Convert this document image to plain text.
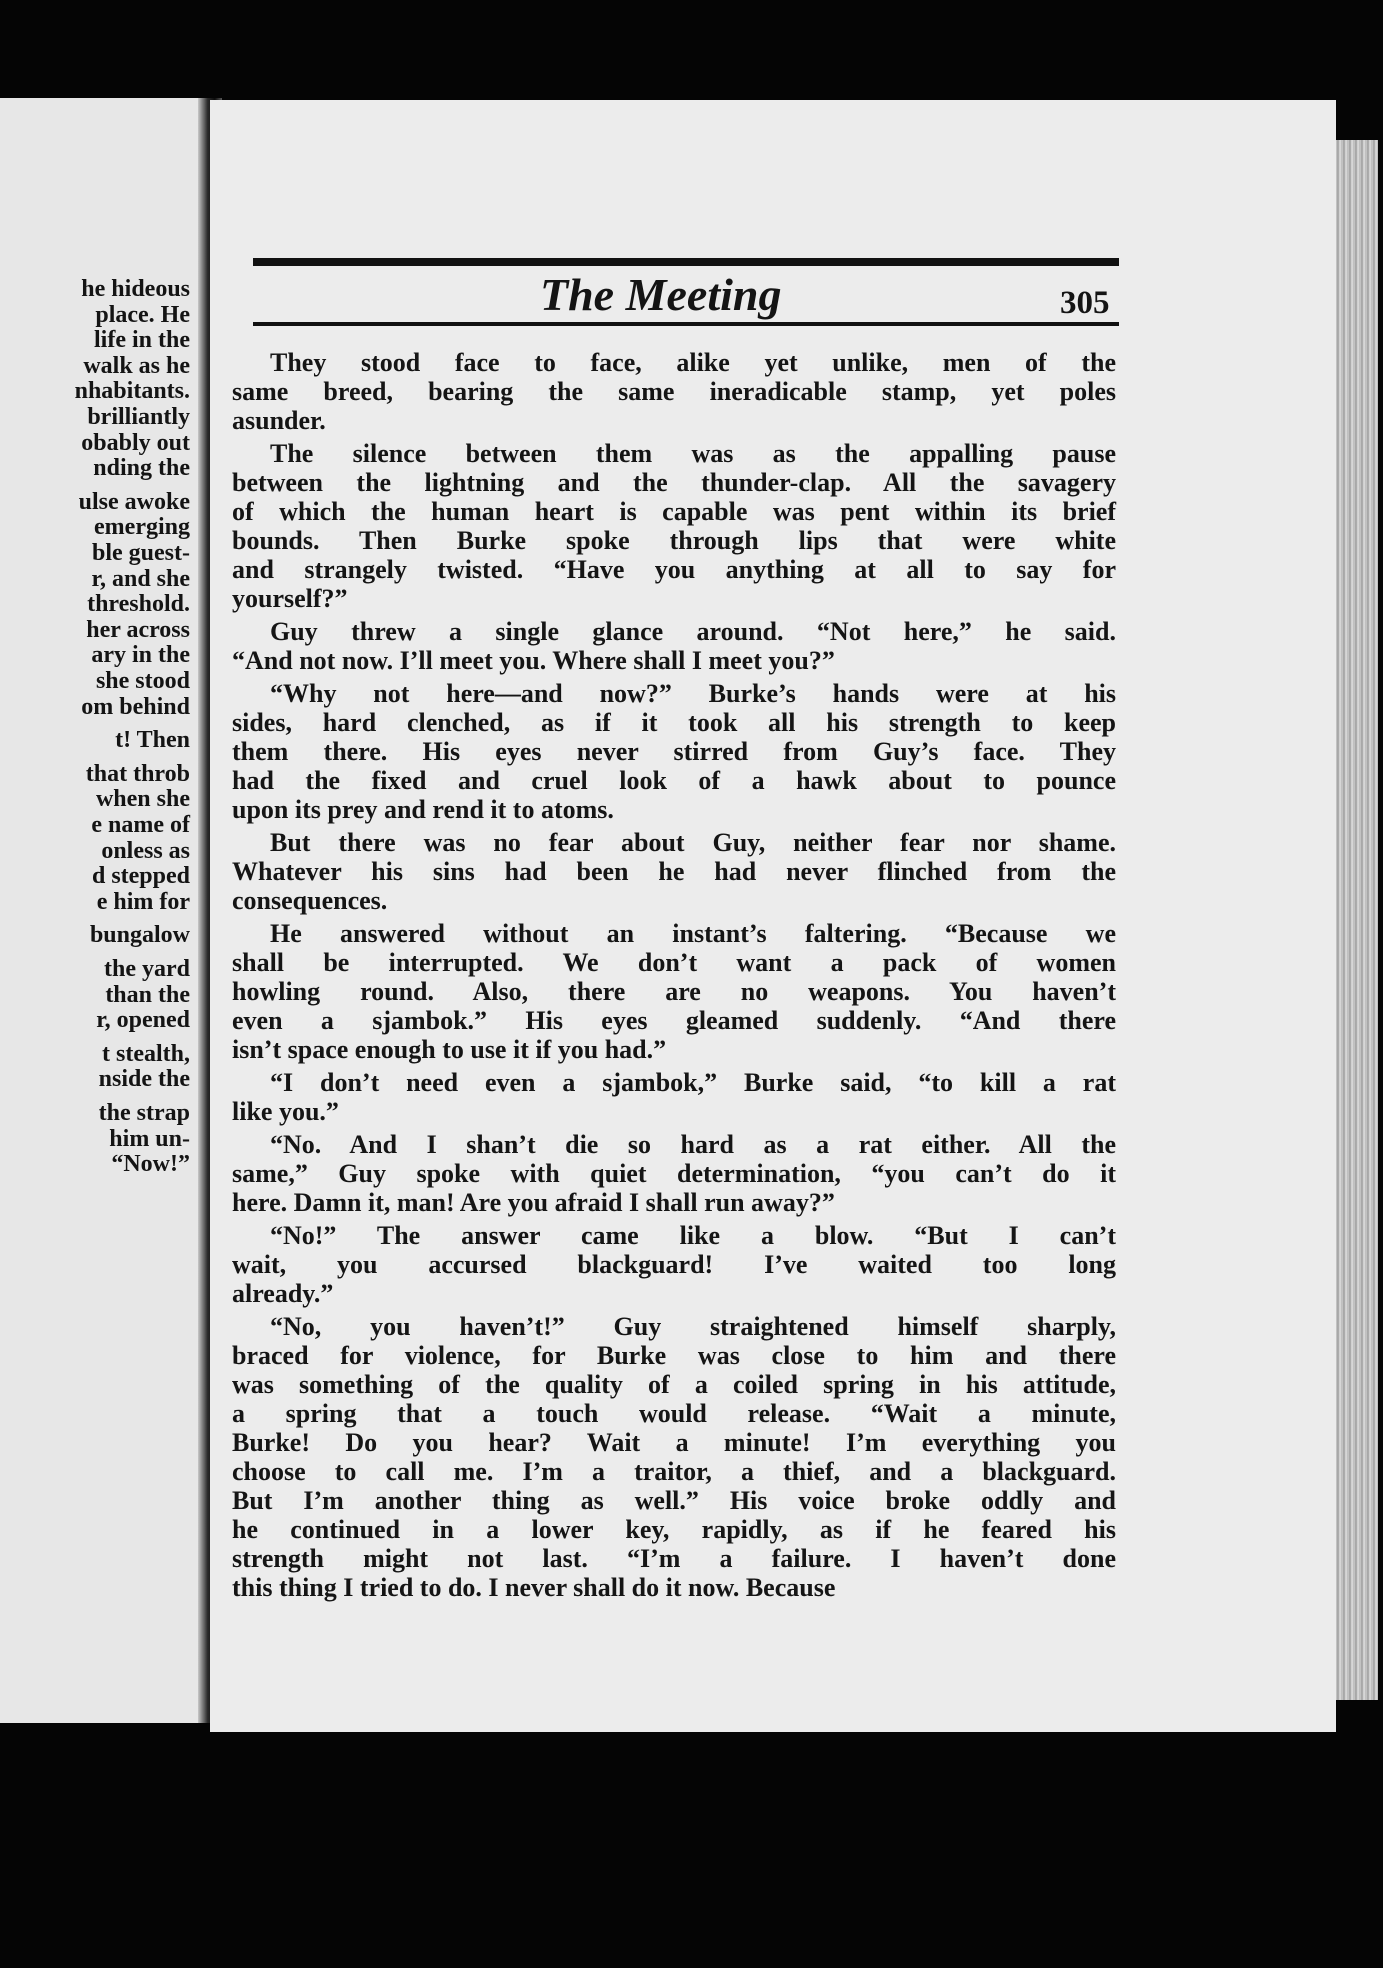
he hideous
place. He
life in the
walk as he
nhabitants.
brilliantly
obably out
nding the
ulse awoke
emerging
ble guest-
r, and she
threshold.
her across
ary in the
she stood
om behind
t! Then
that throb
when she
e name of
onless as
d stepped
e him for
bungalow
the yard
than the
r, opened
t stealth,
nside the
the strap
him un-
“Now!”
The Meeting	305
They stood face to face, alike yet unlike, men of the
same breed, bearing the same ineradicable stamp, yet poles
asunder.
The silence between them was as the appalling pause
between the lightning and the thunder-clap. All the savagery
of which the human heart is capable was pent within its brief
bounds. Then Burke spoke through lips that were white
and strangely twisted. “Have you anything at all to say for
yourself?”
Guy threw a single glance around. “Not here,” he said.
“And not now. I’ll meet you. Where shall I meet you?”
“Why not here—and now?” Burke’s hands were at his
sides, hard clenched, as if it took all his strength to keep
them there. His eyes never stirred from Guy’s face. They
had the fixed and cruel look of a hawk about to pounce
upon its prey and rend it to atoms.
But there was no fear about Guy, neither fear nor shame.
Whatever his sins had been he had never flinched from the
consequences.
He answered without an instant’s faltering. “Because we
shall be interrupted. We don’t want a pack of women
howling round. Also, there are no weapons. You haven’t
even a sjambok.” His eyes gleamed suddenly. “And there
isn’t space enough to use it if you had.”
“I don’t need even a sjambok,” Burke said, “to kill a rat
like you.”
“No. And I shan’t die so hard as a rat either. All the
same,” Guy spoke with quiet determination, “you can’t do it
here. Damn it, man! Are you afraid I shall run away?”
“No!” The answer came like a blow. “But I can’t
wait, you accursed blackguard! I’ve waited too long
already.”
“No, you haven’t!” Guy straightened himself sharply,
braced for violence, for Burke was close to him and there
was something of the quality of a coiled spring in his attitude,
a spring that a touch would release. “Wait a minute,
Burke! Do you hear? Wait a minute! I’m everything you
choose to call me. I’m a traitor, a thief, and a blackguard.
But I’m another thing as well.” His voice broke oddly and
he continued in a lower key, rapidly, as if he feared his
strength might not last. “I’m a failure. I haven’t done
this thing I tried to do. I never shall do it now. Because
